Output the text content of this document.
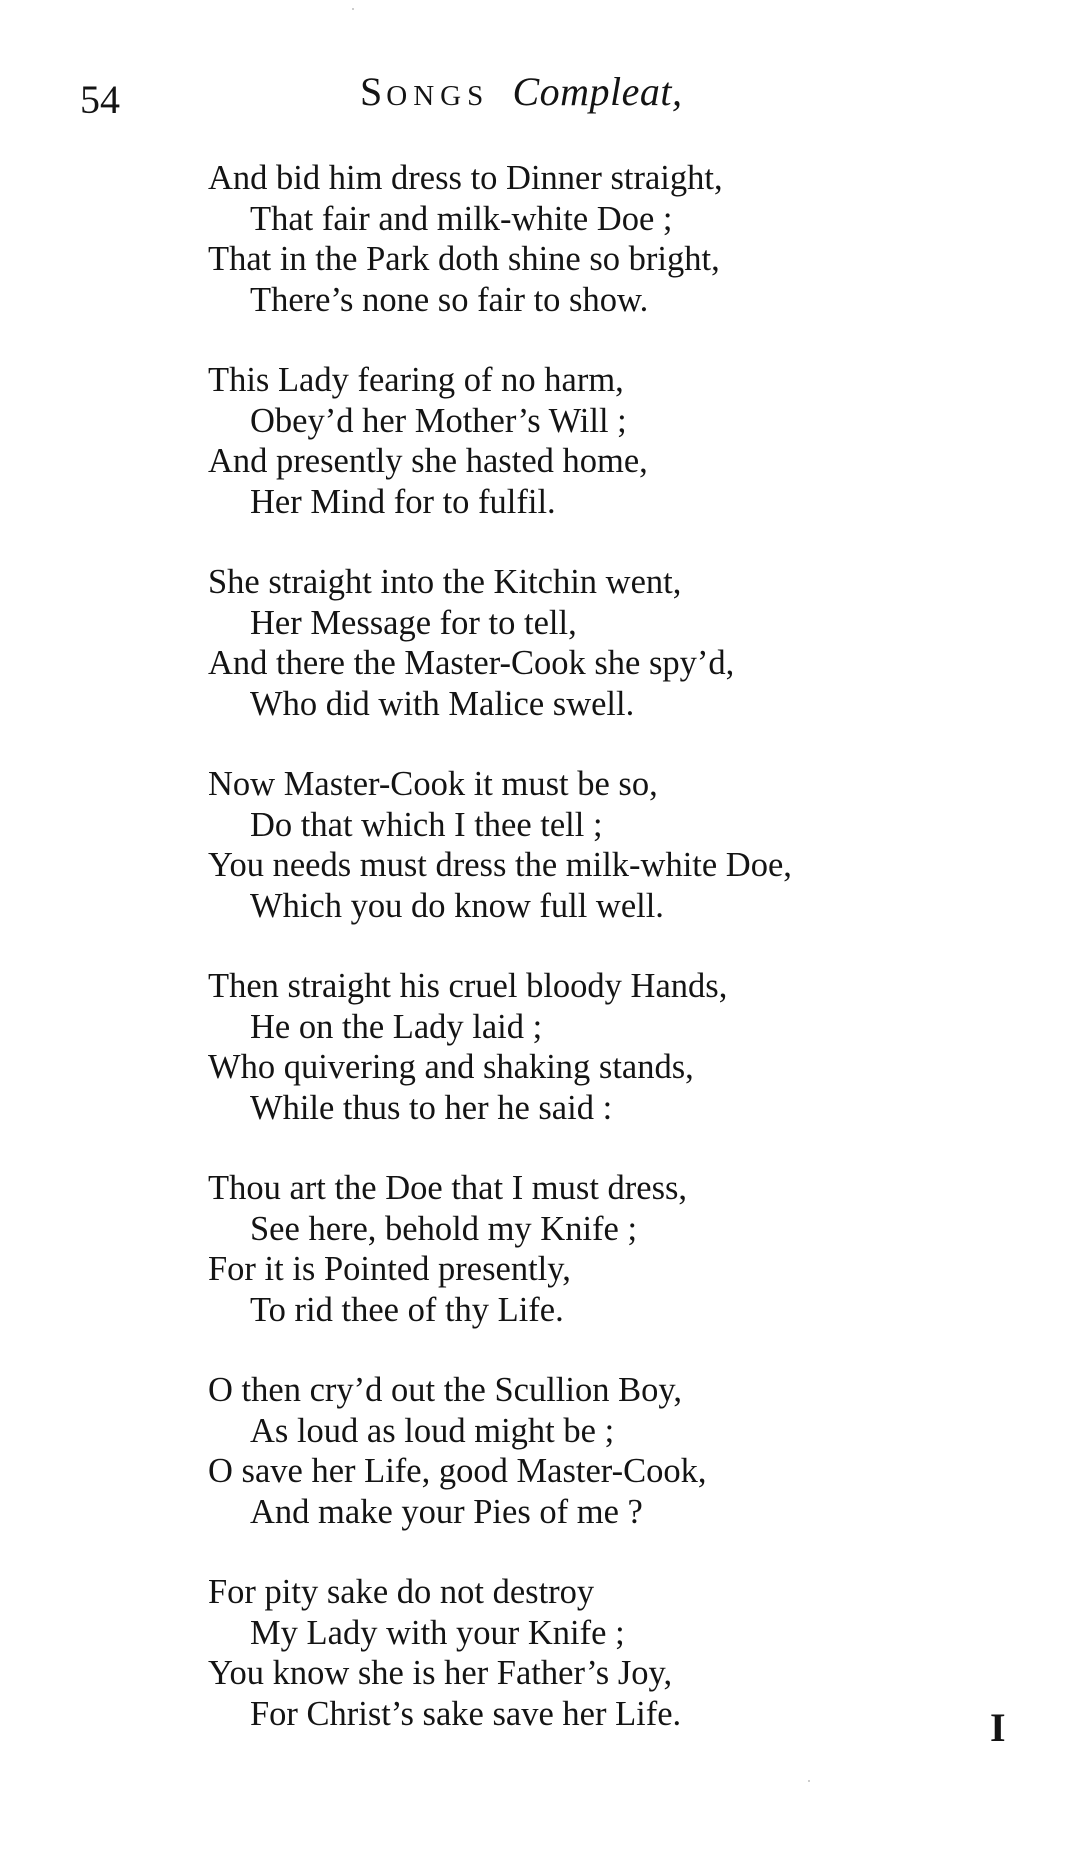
54	SONGS Compleat,
And bid him dress to Dinner straight,
That fair and milk-white Doe ;
That in the Park doth shine so bright,
There’s none so fair to show.
This Lady fearing of no harm,
Obey’d her Mother’s Will ;
And presently she hasted home,
Her Mind for to fulfil.
She straight into the Kitchin went,
Her Message for to tell,
And there the Master-Cook she spy’d,
Who did with Malice swell.
Now Master-Cook it must be so,
Do that which I thee tell ;
You needs must dress the milk-white Doe,
Which you do know full well.
Then straight his cruel bloody Hands,
He on the Lady laid ;
Who quivering and shaking stands,
While thus to her he said :
Thou art the Doe that I must dress,
See here, behold my Knife ;
For it is Pointed presently,
To rid thee of thy Life.
O then cry’d out the Scullion Boy,
As loud as loud might be ;
O save her Life, good Master-Cook,
And make your Pies of me ?
For pity sake do not destroy
My Lady with your Knife ;
You know she is her Father’s Joy,
For Christ’s sake save her Life.	I
